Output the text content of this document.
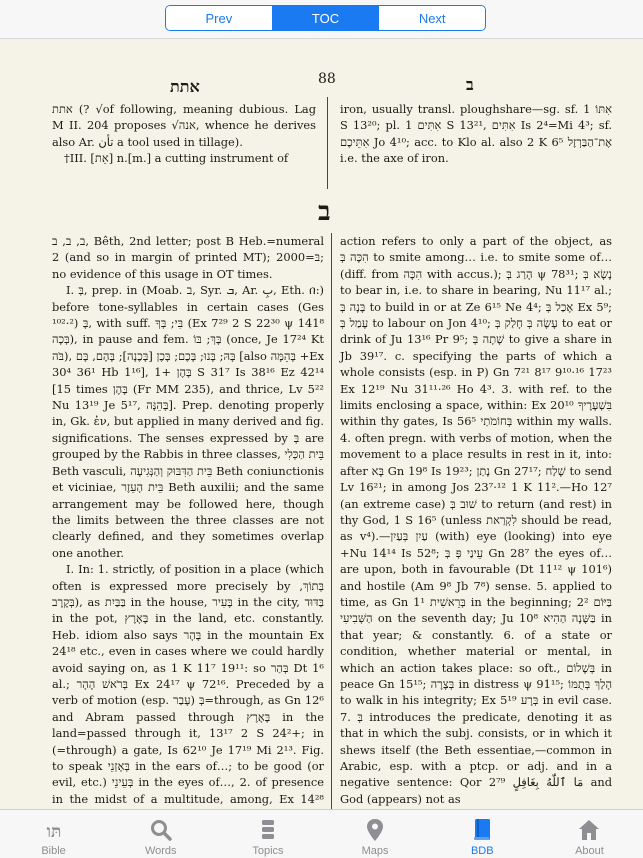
Prev	TOC	Next
אתת	88	ב

אתת (? √of following, meaning dubious. Lag M II. 204 proposes √אנה, whence he derives also Ar. تأن a tool used in tillage).

†III. [אֵת] n.[m.] a cutting instrument of

iron, usually transl. ploughshare—sg. sf. אִתּוֹ 1 S 13²⁰; pl. אִתִּים 1 S 13²¹, אִתִּים Is 2⁴=Mi 4³; sf. אִתֵּיכֶם Jo 4¹⁰; acc. to Klo al. also 2 K 6⁵ אֶת־הַבַּרְזֶל i.e. the axe of iron.

ב

ב, ב, ב, Bêth, 2nd letter; post B Heb.=numeral 2 (and so in margin of printed MT); בּ=2000; no evidence of this usage in OT times.

I. בְּ, prep. in (Moab. ב, Syr. ܒ, Ar. بِ, Eth. በ:) before tone-syllables in certain cases (Ges ¹⁰²·²) בָּ, with suff. בִּי; בְּךָ (Ex 7²⁹ 2 S 22³⁰ ψ 141⁸ בְּכָה), in pause and fem. בָּךְ; בּוֹ (once, Je 17²⁴ Kt בֹּה), בָּהּ; בָּנוּ; בָּכֶם; בָּכֶן [בָּכֶנָה]; בָּהֶם, בָּם [also בָּהֵמָּה +Ex 30⁴ 36¹ Hb 1¹⁶], בָּהֶן +1 S 31⁷ Is 38¹⁶ Ez 42¹⁴ [15 times בָּהֶן (Fr MM 235), and thrice, Lv 5²² Nu 13¹⁹ Je 5¹⁷, בָּהֵנָּה]. Prep. denoting properly in, Gk. ἐν, but applied in many derived and fig. significations. The senses expressed by בְּ are grouped by the Rabbis in three classes, בֵּית הַכְּלִי Beth vasculi, בֵּית הַדִּבּוּק וְהַנְּגִיעָה Beth coniunctionis et viciniae, בֵּית הָעֵזֶר Beth auxilii; and the same arrangement may be followed here, though the limits between the three classes are not clearly defined, and they sometimes overlap one another.

I. In: 1. strictly, of position in a place (which often is expressed more precisely by בְּתוֹךְ, בְּקֶרֶב), as בַּבַּיִת in the house, בָּעִיר in the city, בַּדּוּד in the pot, בָּאָרֶץ in the land, etc. constantly. Heb. idiom also says בָּהָר in the mountain Ex 24¹⁸ etc., even in cases where we could hardly avoid saying on, as 1 K 11⁷ 19¹¹: so בְּהַר Dt 1⁶ al.; בְּרֹאשׁ הָהָר Ex 24¹⁷ ψ 72¹⁶. Preceded by a verb of motion (esp. עָבַר) בְּ=through, as Gn 12⁶ and Abram passed through בָּאָרֶץ in the land=passed through it, 13¹⁷ 2 S 24²+; in (=through) a gate, Is 62¹⁰ Je 17¹⁹ Mi 2¹³. Fig. to speak בְּאָזְנֵי in the ears of…; to be good (or evil, etc.) בְּעֵינֵי in the eyes of…, 2. of presence in the midst of a multitude, among, Ex 14²⁸

action refers to only a part of the object, as הִכָּה בְּ to smite among… i.e. to smite some of… (diff. from הִכָּה with accus.); הָרַג בְּ ψ 78³¹; נָשָׂא בְּ to bear in, i.e. to share in bearing, Nu 11¹⁷ al.; בָּנָה בְּ to build in or at Ze 6¹⁵ Ne 4⁴; אָכַל בְּ Ex 5⁹; עָמַל בְּ to labour on Jon 4¹⁰; עָשָׂה בְּ חָלַק בְּ to eat or drink of Ju 13¹⁶ Pr 9⁵; שָׁתָה בְּ to give a share in Jb 39¹⁷. c. specifying the parts of which a whole consists (esp. in P) Gn 7²¹ 8¹⁷ 9¹⁰·¹⁶ 17²³ Ex 12¹⁹ Nu 31¹¹·²⁶ Ho 4³. 3. with ref. to the limits enclosing a space, within: Ex 20¹⁰ בִּשְׁעָרֶיךָ within thy gates, Is 56⁵ בְּחוֹמֹתַי within my walls. 4. often pregn. with verbs of motion, when the movement to a place results in rest in it, into: after בָּא Gn 19⁸ Is 19²³; נָתַן Gn 27¹⁷; שָׁלַח to send Lv 16²¹; in among Jos 23⁷·¹² 1 K 11².—Ho 12⁷ (an extreme case) שׁוּב בְּ to return (and rest) in thy God, 1 S 16⁵ (unless לִקְרַאת should be read, as v⁴).—עַיִן בְּעַיִן (with) eye (looking) into eye +Nu 14¹⁴ Is 52⁸; עֵינַי פְּ בְּ Gn 28⁷ the eyes of… are upon, both in favourable (Dt 11¹² ψ 101⁶) and hostile (Am 9⁸ Jb 7⁸) sense. 5. applied to time, as Gn 1¹ בְּרֵאשִׁית in the beginning; 2² בַּיּוֹם הַשְּׁבִיעִי on the seventh day; Ju 10⁸ בַּשָּׁנָה הַהִיא in that year; & constantly. 6. of a state or condition, whether material or mental, in which an action takes place: so oft., בְּשָׁלוֹם in peace Gn 15¹⁵; בְּצָרָה in distress ψ 91¹⁵; הָלַךְ בְּתֻמּוֹ to walk in his integrity; Ex 5¹⁹ בְּרָע in evil case. 7. בְּ introduces the predicate, denoting it as that in which the subj. consists, or in which it shews itself (the Beth essentiae,—common in Arabic, esp. with a ptcp. or adj. and in a negative sentence: Qor 2⁷⁹ مَا ٱللّٰهُ بِغَافِلٍ and God (appears) not as

תּו
Bible	Words	Topics	Maps	BDB	About
